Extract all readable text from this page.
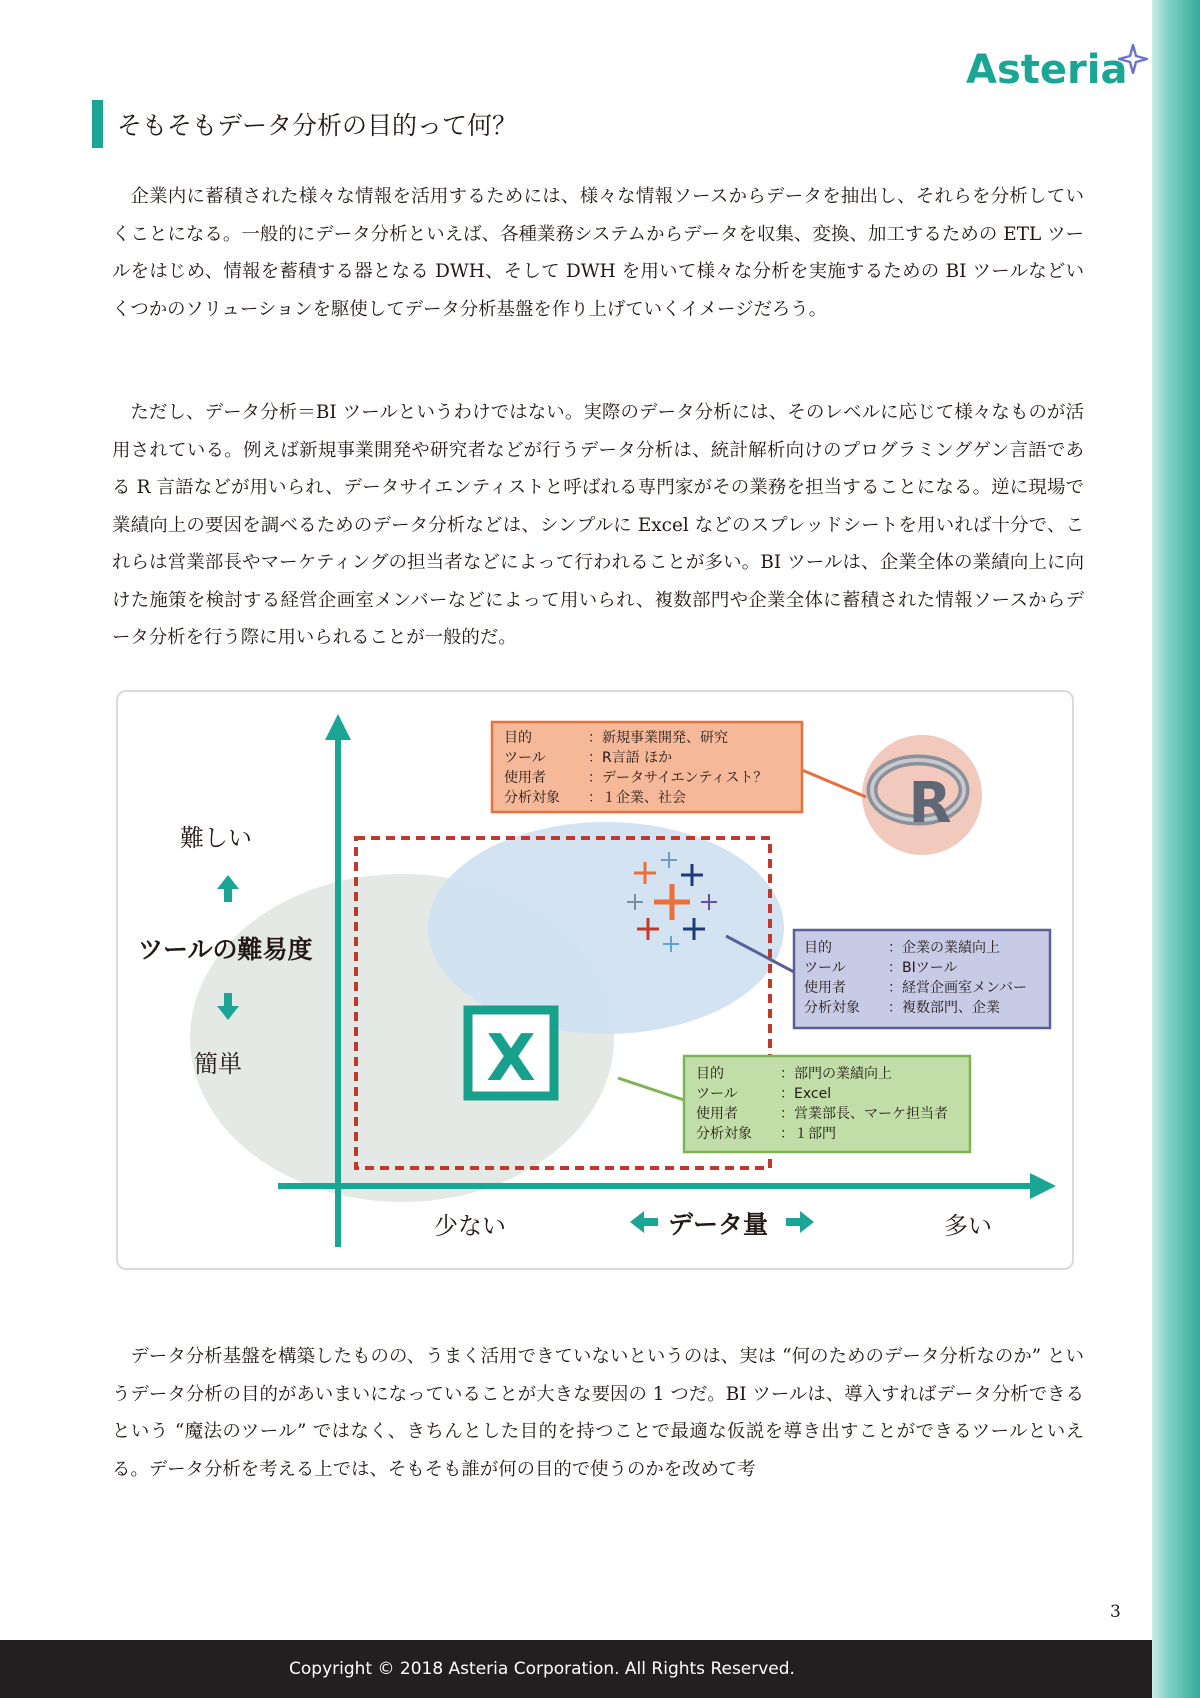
Asteria
そもそもデータ分析の目的って何？

企業内に蓄積された様々な情報を活用するためには、様々な情報ソースからデータを抽出し、それらを分析していくことになる。一般的にデータ分析といえば、各種業務システムからデータを収集、変換、加工するための ETL ツールをはじめ、情報を蓄積する器となる DWH、そして DWH を用いて様々な分析を実施するための BI ツールなどいくつかのソリューションを駆使してデータ分析基盤を作り上げていくイメージだろう。

ただし、データ分析＝BI ツールというわけではない。実際のデータ分析には、そのレベルに応じて様々なものが活用されている。例えば新規事業開発や研究者などが行うデータ分析は、統計解析向けのプログラミングゲン言語である R 言語などが用いられ、データサイエンティストと呼ばれる専門家がその業務を担当することになる。逆に現場で業績向上の要因を調べるためのデータ分析などは、シンプルに Excel などのスプレッドシートを用いれば十分で、これらは営業部長やマーケティングの担当者などによって行われることが多い。BI ツールは、企業全体の業績向上に向けた施策を検討する経営企画室メンバーなどによって用いられ、複数部門や企業全体に蓄積された情報ソースからデータ分析を行う際に用いられることが一般的だ。

R
X
難しい
ツールの難易度
簡単
少ない	データ量	多い
目的	：新規事業開発、研究
ツール	：R言語 ほか
使用者	：データサイエンティスト？
分析対象	：１企業、社会
目的	：企業の業績向上
ツール	：BIツール
使用者	：経営企画室メンバー
分析対象	：複数部門、企業
目的	：部門の業績向上
ツール	：Excel
使用者	：営業部長、マーケ担当者
分析対象	：１部門

データ分析基盤を構築したものの、うまく活用できていないというのは、実は “何のためのデータ分析なのか” というデータ分析の目的があいまいになっていることが大きな要因の 1 つだ。BI ツールは、導入すればデータ分析できるという “魔法のツール” ではなく、きちんとした目的を持つことで最適な仮説を導き出すことができるツールといえる。データ分析を考える上では、そもそも誰が何の目的で使うのかを改めて考

3
Copyright © 2018 Asteria Corporation. All Rights Reserved.
